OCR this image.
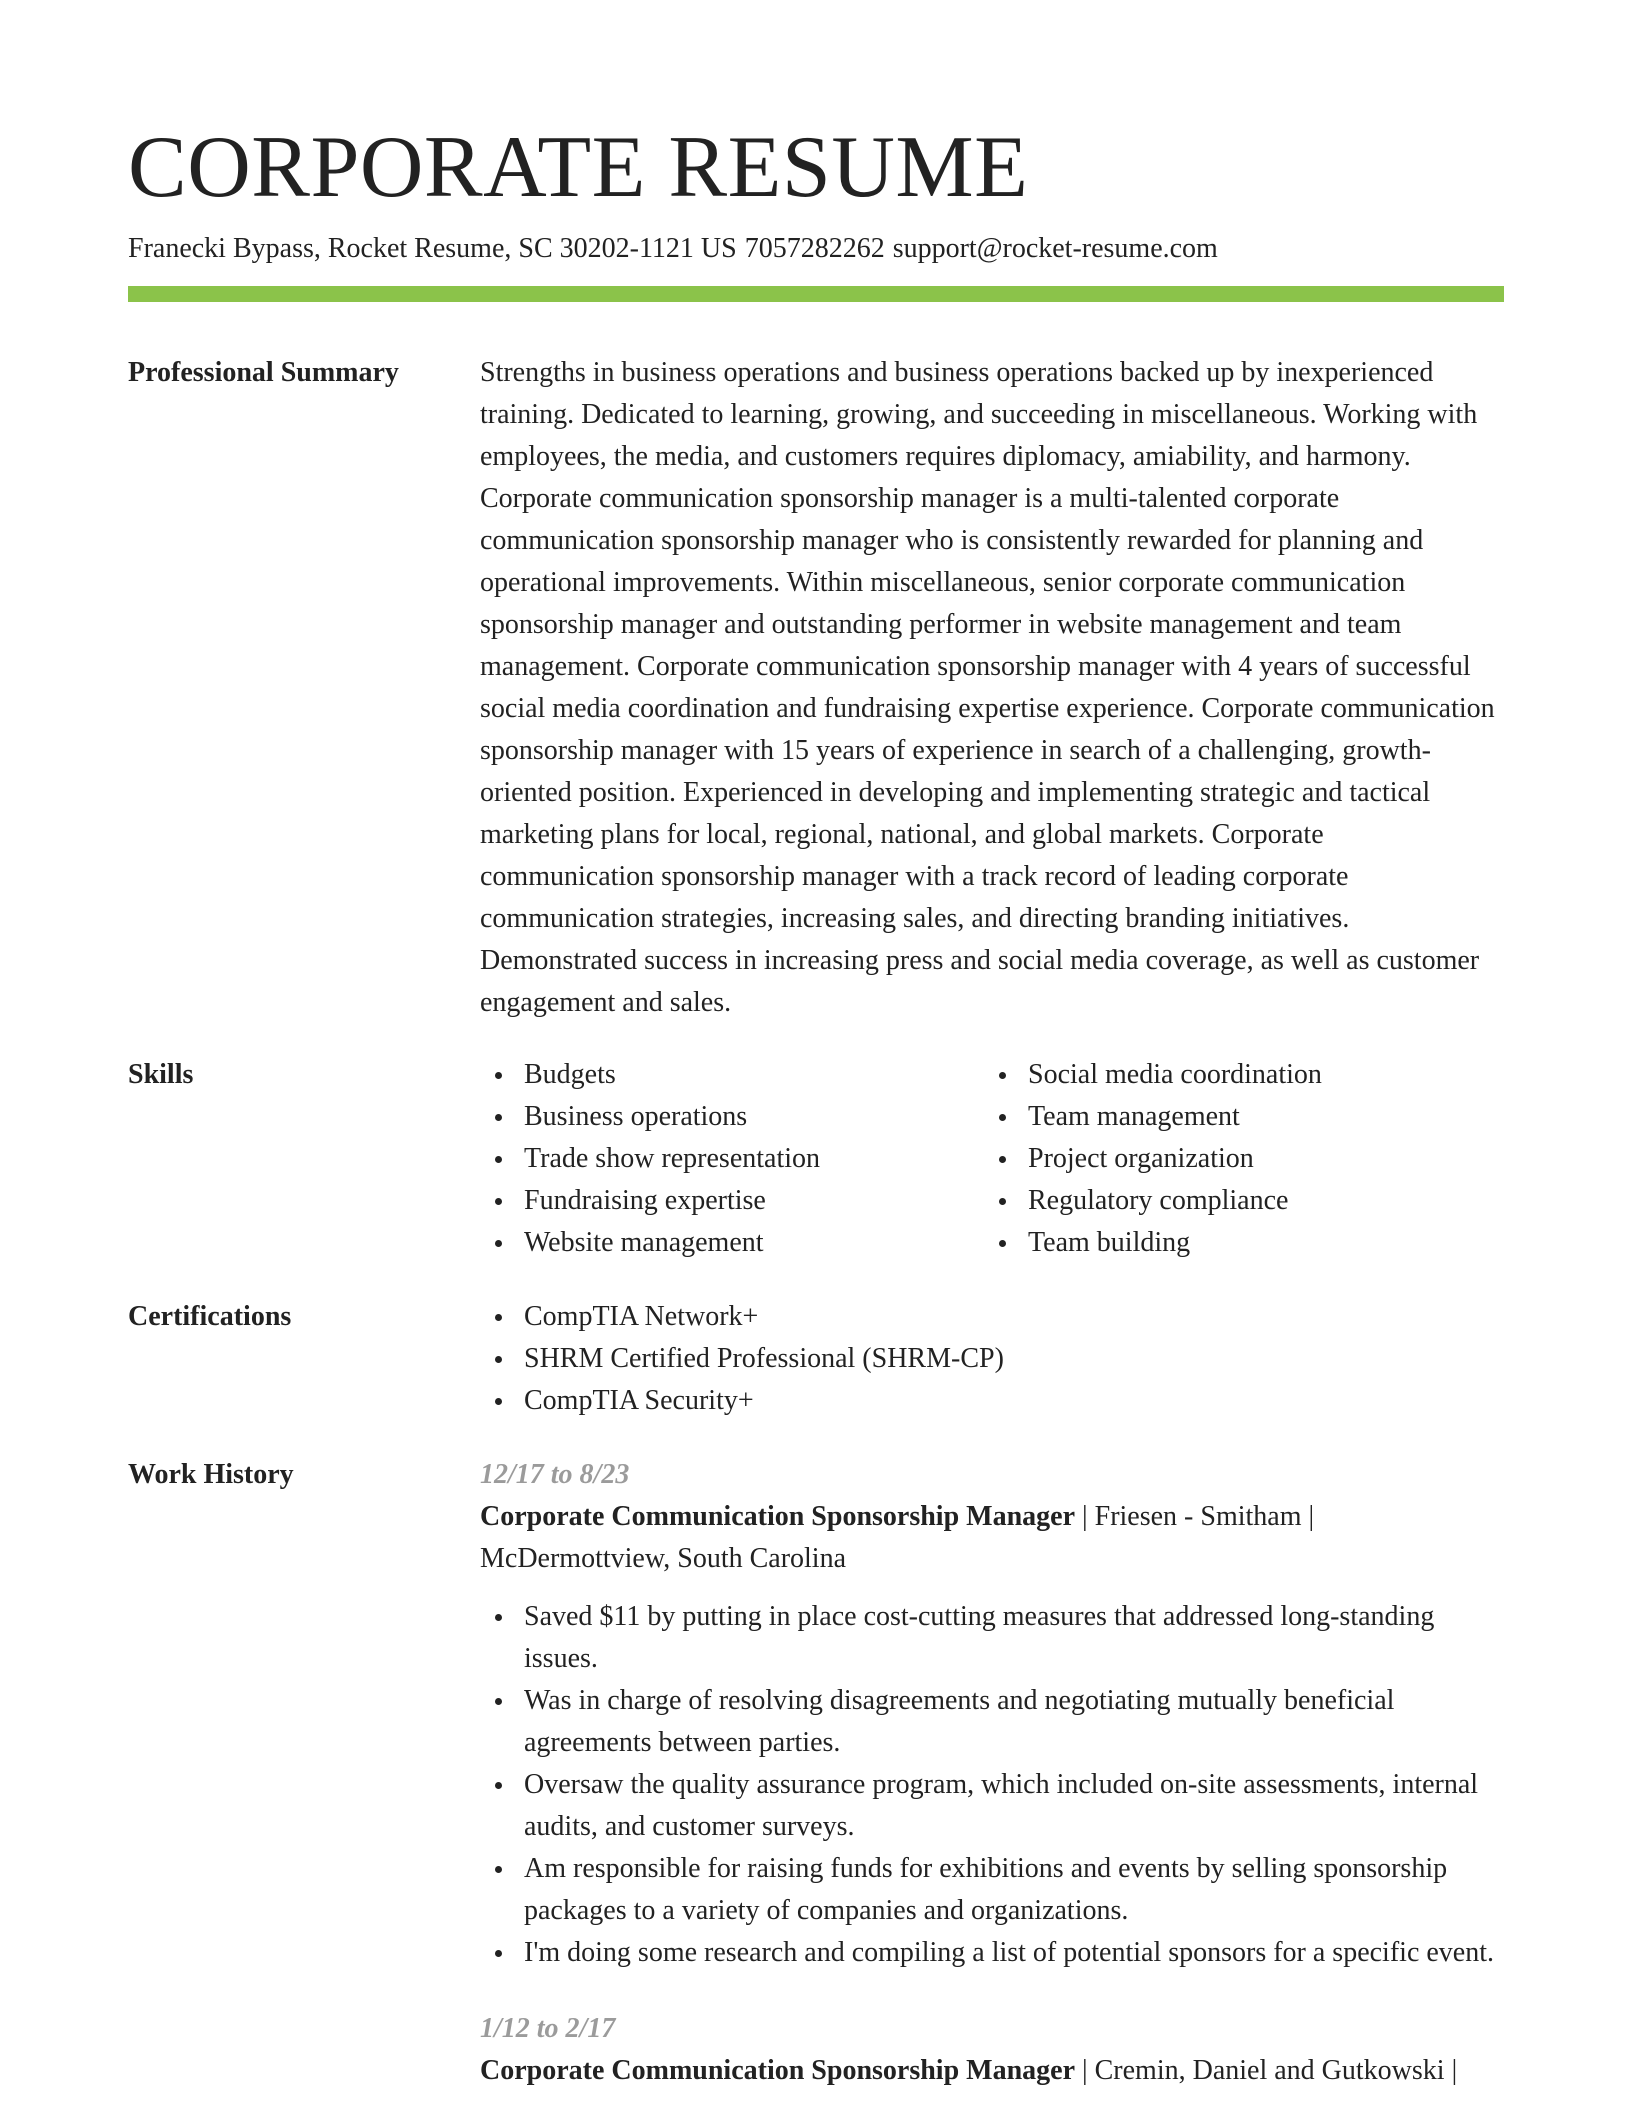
CORPORATE RESUME
Franecki Bypass, Rocket Resume, SC 30202-1121 US 7057282262 support@rocket-resume.com
Professional Summary	Strengths in business operations and business operations backed up by inexperienced training. Dedicated to learning, growing, and succeeding in miscellaneous. Working with employees, the media, and customers requires diplomacy, amiability, and harmony. Corporate communication sponsorship manager is a multi-talented corporate communication sponsorship manager who is consistently rewarded for planning and operational improvements. Within miscellaneous, senior corporate communication sponsorship manager and outstanding performer in website management and team management. Corporate communication sponsorship manager with 4 years of successful social media coordination and fundraising expertise experience. Corporate communication sponsorship manager with 15 years of experience in search of a challenging, growth-oriented position. Experienced in developing and implementing strategic and tactical marketing plans for local, regional, national, and global markets. Corporate communication sponsorship manager with a track record of leading corporate communication strategies, increasing sales, and directing branding initiatives. Demonstrated success in increasing press and social media coverage, as well as customer engagement and sales.
Skills	Budgets
Business operations
Trade show representation
Fundraising expertise
Website management
Social media coordination
Team management
Project organization
Regulatory compliance
Team building
Certifications	CompTIA Network+
SHRM Certified Professional (SHRM-CP)
CompTIA Security+
Work History	12/17 to 8/23
Corporate Communication Sponsorship Manager | Friesen - Smitham | McDermottview, South Carolina
Saved $11 by putting in place cost-cutting measures that addressed long-standing issues.
Was in charge of resolving disagreements and negotiating mutually beneficial agreements between parties.
Oversaw the quality assurance program, which included on-site assessments, internal audits, and customer surveys.
Am responsible for raising funds for exhibitions and events by selling sponsorship packages to a variety of companies and organizations.
I'm doing some research and compiling a list of potential sponsors for a specific event.
1/12 to 2/17
Corporate Communication Sponsorship Manager | Cremin, Daniel and Gutkowski |
